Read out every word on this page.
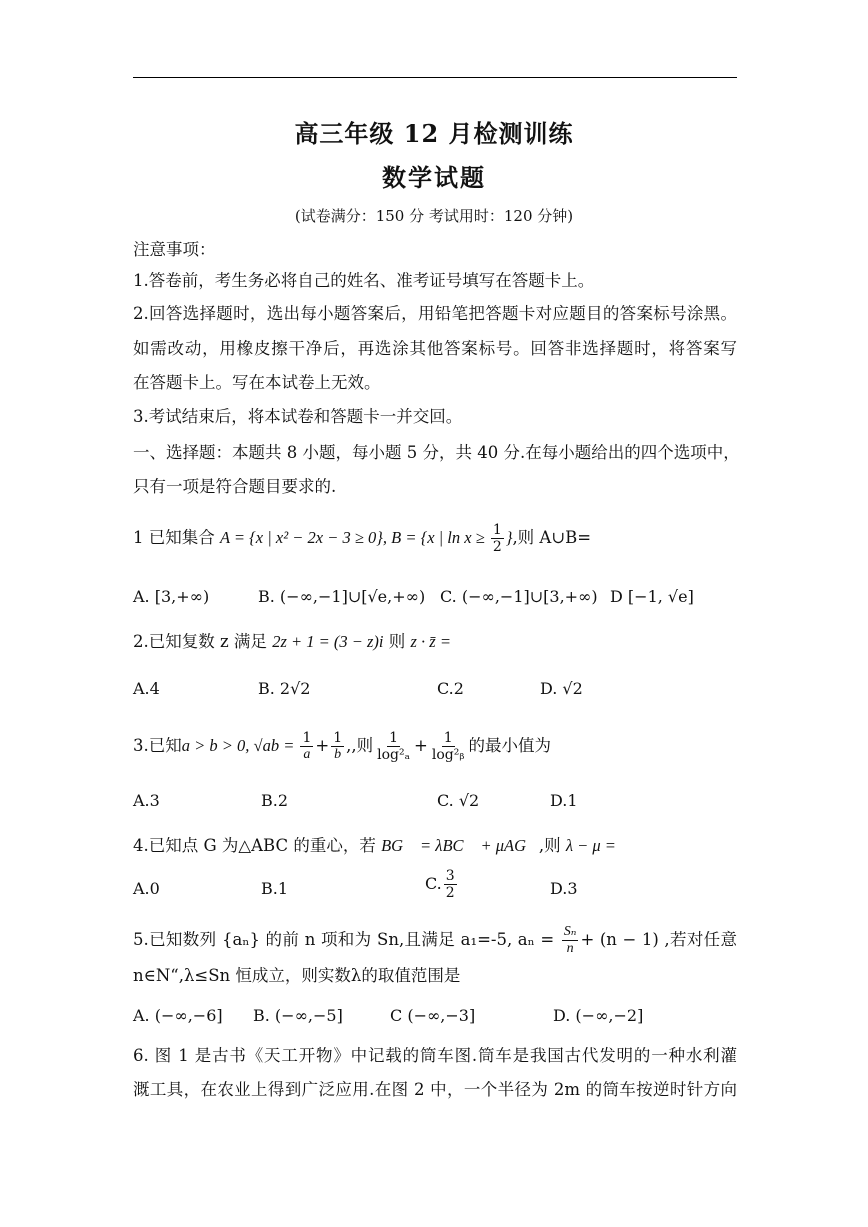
高三年级 12 月检测训练
数学试题
(试卷满分：150 分 考试用时：120 分钟)
注意事项：
1.答卷前，考生务必将自己的姓名、准考证号填写在答题卡上。
2.回答选择题时，选出每小题答案后，用铅笔把答题卡对应题目的答案标号涂黑。
如需改动，用橡皮擦干净后，再选涂其他答案标号。回答非选择题时，将答案写
在答题卡上。写在本试卷上无效。
3.考试结束后，将本试卷和答题卡一并交回。
一、选择题：本题共 8 小题，每小题 5 分，共 40 分.在每小题给出的四个选项中，
只有一项是符合题目要求的.
1 已知集合 A = {x | x² − 2x − 3 ≥ 0}, B = {x | $\ln x \ge \frac{1}{2}$ },则 A∪B=
A. [3,+∞)	B. (−∞,−1]∪[√e,+∞) C. (−∞,−1]∪[3,+∞) D [−1, √e]
2.已知复数 z 满足 2z + 1 = (3 − z)i 则 z · z̄ =
A.4	B. 2√2	C.2	D. √2
3.已知a > b > 0, $√ab = \frac{1}{a} + \frac{1}{b}$ ,,则 $\frac{1}{\text{log²ₐ}} + \frac{1}{\text{log²ᵦ}}$ 的最小值为
A.3	B.2	C. √2	D.1
4.已知点 G 为△ABC 的重心，若 BG⃗ = λBC⃗ + μAG⃗,则 λ − μ =
A.0	B.1	C. $\frac{3}{2}$	D.3
5.已知数列 {aₙ} 的前 n 项和为 Sn,且满足 a₁=-5, $a_n = \frac{\text{Sₙ}}{n} + (n - 1)$ ,若对任意
n∈N“,λ≤Sn 恒成立，则实数λ的取值范围是
A. (−∞,−6] B. (−∞,−5]	C (−∞,−3]	D. (−∞,−2]
6. 图 1 是古书《天工开物》中记载的筒车图.筒车是我国古代发明的一种水利灌
溉工具，在农业上得到广泛应用.在图 2 中，一个半径为 2m 的筒车按逆时针方向
